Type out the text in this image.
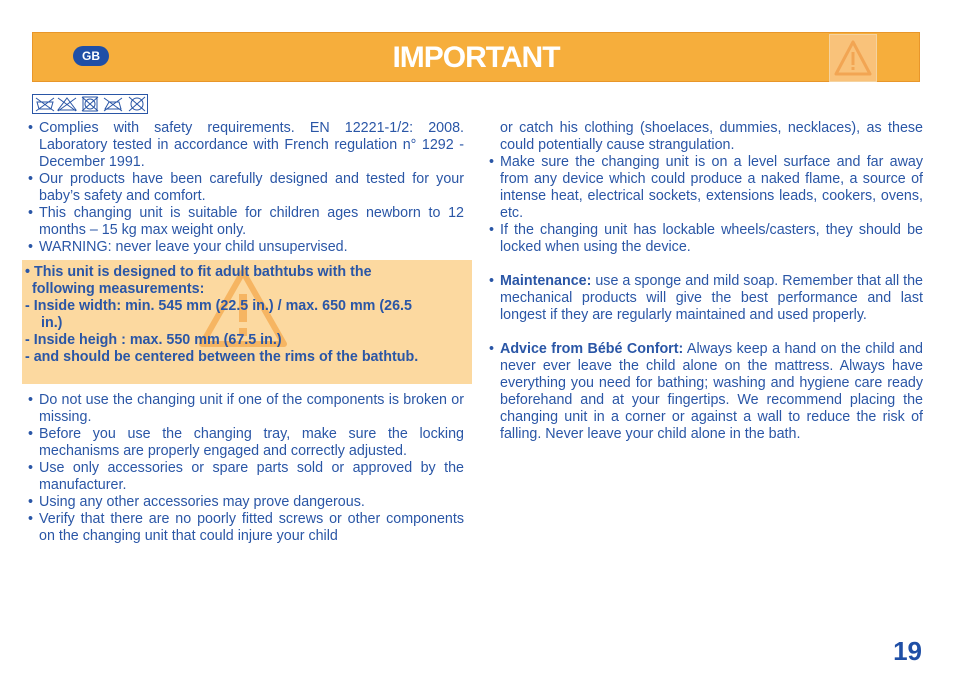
GB	IMPORTANT
• Complies with safety requirements. EN 12221-1/2: 2008. Laboratory tested in accordance with French regulation n° 1292 - December 1991.
• Our products have been carefully designed and tested for your baby’s safety and comfort.
• This changing unit is suitable for children ages newborn to 12 months – 15 kg max weight only.
• WARNING: never leave your child unsupervised.
• This unit is designed to fit adult bathtubs with the
following measurements:
- Inside width: min. 545 mm (22.5 in.) / max. 650 mm (26.5
in.)
- Inside heigh : max. 550 mm (67.5 in.)
- and should be centered between the rims of the bathtub.
• Do not use the changing unit if one of the components is broken or missing.
• Before you use the changing tray, make sure the locking mechanisms are properly engaged and correctly adjusted.
• Use only accessories or spare parts sold or approved by the manufacturer.
• Using any other accessories may prove dangerous.
• Verify that there are no poorly fitted screws or other components on the changing unit that could injure your child
or catch his clothing (shoelaces, dummies, necklaces), as these could potentially cause strangulation.
• Make sure the changing unit is on a level surface and far away from any device which could produce a naked flame, a source of intense heat, electrical sockets, extensions leads, cookers, ovens, etc.
• If the changing unit has lockable wheels/casters, they should be locked when using the device.
• Maintenance: use a sponge and mild soap. Remember that all the mechanical products will give the best performance and last longest if they are regularly maintained and used properly.
• Advice from Bébé Confort: Always keep a hand on the child and never ever leave the child alone on the mattress. Always have everything you need for bathing; washing and hygiene care ready beforehand and at your fingertips. We recommend placing the changing unit in a corner or against a wall to reduce the risk of falling. Never leave your child alone in the bath.
19
